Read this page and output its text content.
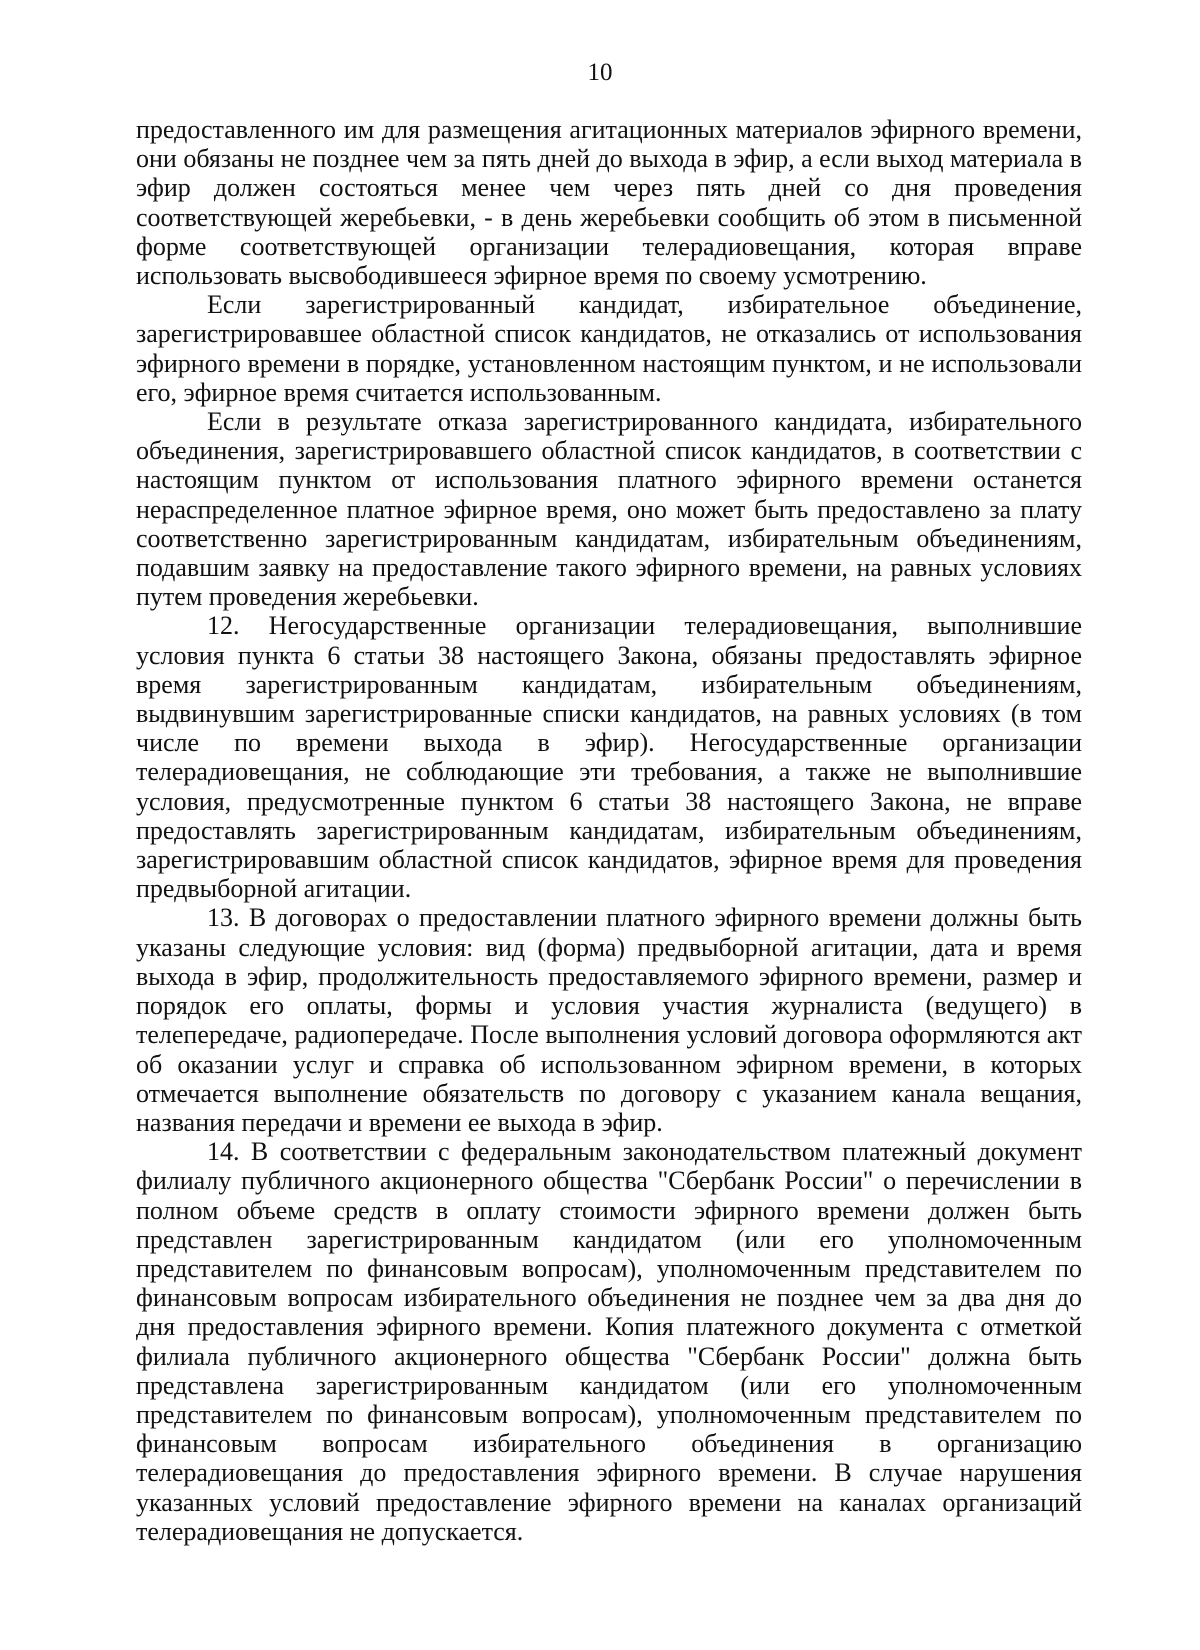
10

предоставленного им для размещения агитационных материалов эфирного времени, они обязаны не позднее чем за пять дней до выхода в эфир, а если выход материала в эфир должен состояться менее чем через пять дней со дня проведения соответствующей жеребьевки, - в день жеребьевки сообщить об этом в письменной форме соответствующей организации телерадиовещания, которая вправе использовать высвободившееся эфирное время по своему усмотрению.

Если зарегистрированный кандидат, избирательное объединение, зарегистрировавшее областной список кандидатов, не отказались от использования эфирного времени в порядке, установленном настоящим пунктом, и не использовали его, эфирное время считается использованным.

Если в результате отказа зарегистрированного кандидата, избирательного объединения, зарегистрировавшего областной список кандидатов, в соответствии с настоящим пунктом от использования платного эфирного времени останется нераспределенное платное эфирное время, оно может быть предоставлено за плату соответственно зарегистрированным кандидатам, избирательным объединениям, подавшим заявку на предоставление такого эфирного времени, на равных условиях путем проведения жеребьевки.

12. Негосударственные организации телерадиовещания, выполнившие условия пункта 6 статьи 38 настоящего Закона, обязаны предоставлять эфирное время зарегистрированным кандидатам, избирательным объединениям, выдвинувшим зарегистрированные списки кандидатов, на равных условиях (в том числе по времени выхода в эфир). Негосударственные организации телерадиовещания, не соблюдающие эти требования, а также не выполнившие условия, предусмотренные пунктом 6 статьи 38 настоящего Закона, не вправе предоставлять зарегистрированным кандидатам, избирательным объединениям, зарегистрировавшим областной список кандидатов, эфирное время для проведения предвыборной агитации.

13. В договорах о предоставлении платного эфирного времени должны быть указаны следующие условия: вид (форма) предвыборной агитации, дата и время выхода в эфир, продолжительность предоставляемого эфирного времени, размер и порядок его оплаты, формы и условия участия журналиста (ведущего) в телепередаче, радиопередаче. После выполнения условий договора оформляются акт об оказании услуг и справка об использованном эфирном времени, в которых отмечается выполнение обязательств по договору с указанием канала вещания, названия передачи и времени ее выхода в эфир.

14. В соответствии с федеральным законодательством платежный документ филиалу публичного акционерного общества "Сбербанк России" о перечислении в полном объеме средств в оплату стоимости эфирного времени должен быть представлен зарегистрированным кандидатом (или его уполномоченным представителем по финансовым вопросам), уполномоченным представителем по финансовым вопросам избирательного объединения не позднее чем за два дня до дня предоставления эфирного времени. Копия платежного документа с отметкой филиала публичного акционерного общества "Сбербанк России" должна быть представлена зарегистрированным кандидатом (или его уполномоченным представителем по финансовым вопросам), уполномоченным представителем по финансовым вопросам избирательного объединения в организацию телерадиовещания до предоставления эфирного времени. В случае нарушения указанных условий предоставление эфирного времени на каналах организаций телерадиовещания не допускается.
